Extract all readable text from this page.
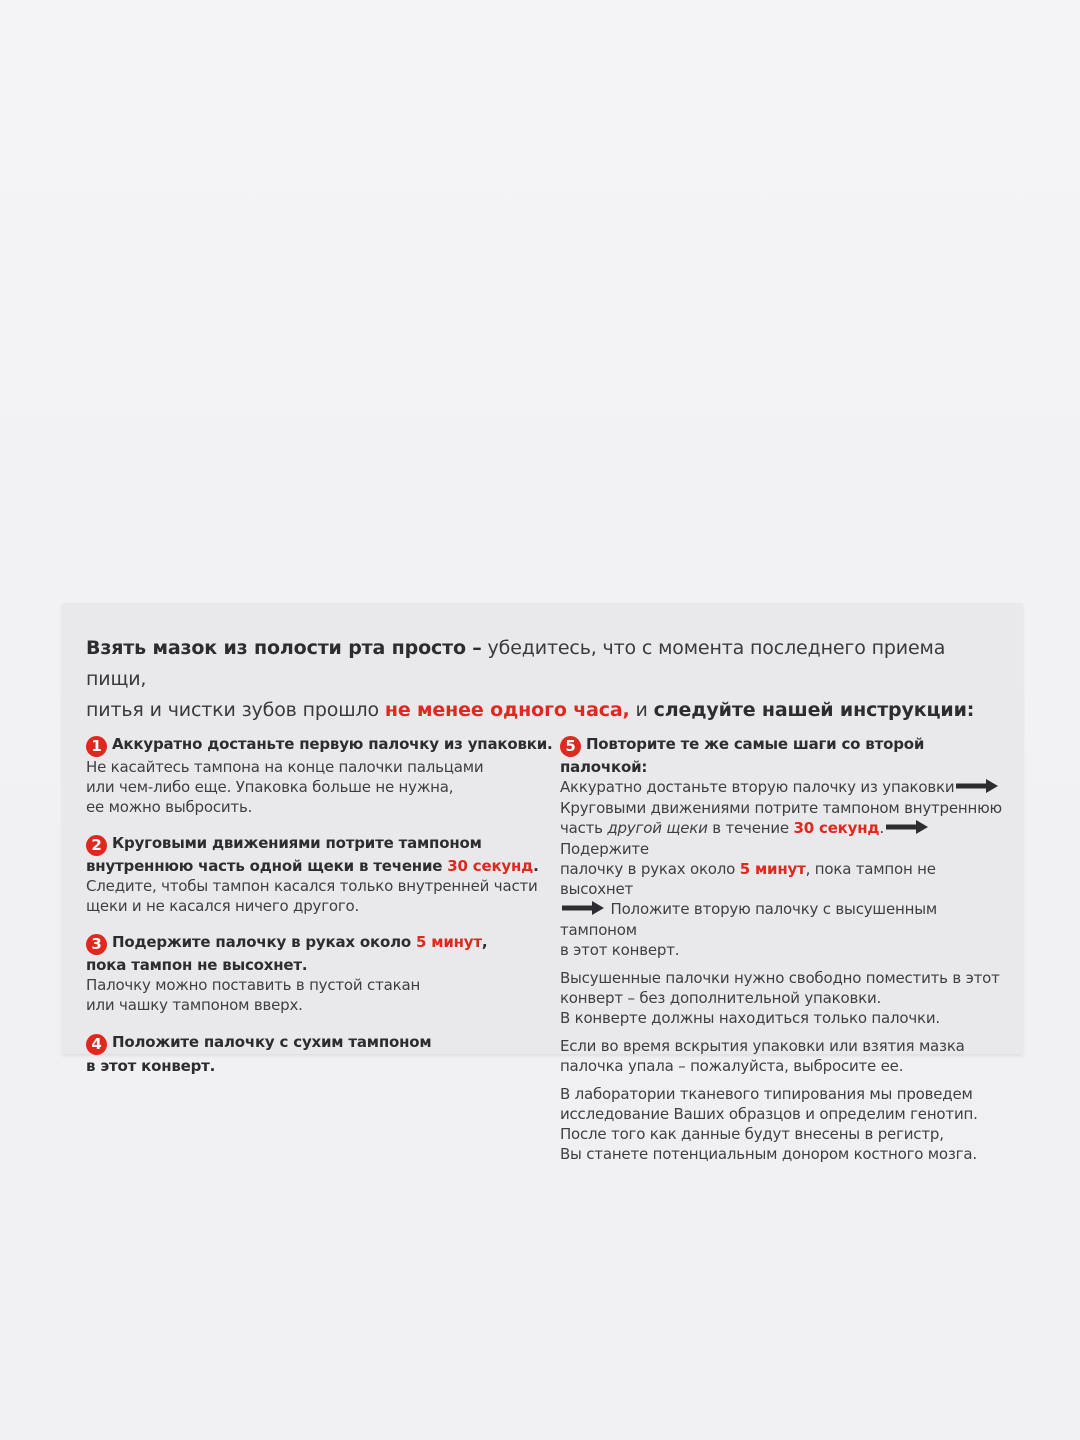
Взять мазок из полости рта просто – убедитесь, что с момента последнего приема пищи,
питья и чистки зубов прошло не менее одного часа, и следуйте нашей инструкции:
1 Аккуратно достаньте первую палочку из упаковки.
Не касайтесь тампона на конце палочки пальцами
или чем-либо еще. Упаковка больше не нужна,
ее можно выбросить.
2 Круговыми движениями потрите тампоном
внутреннюю часть одной щеки в течение 30 секунд.
Следите, чтобы тампон касался только внутренней части
щеки и не касался ничего другого.
3 Подержите палочку в руках около 5 минут,
пока тампон не высохнет.
Палочку можно поставить в пустой стакан
или чашку тампоном вверх.
4 Положите палочку с сухим тампоном
в этот конверт.
5 Повторите те же самые шаги со второй палочкой:
Аккуратно достаньте вторую палочку из упаковки
Круговыми движениями потрите тампоном внутреннюю
часть другой щеки в течение 30 секунд. Подержите
палочку в руках около 5 минут, пока тампон не высохнет
Положите вторую палочку с высушенным тампоном
в этот конверт.
Высушенные палочки нужно свободно поместить в этот
конверт – без дополнительной упаковки.
В конверте должны находиться только палочки.
Если во время вскрытия упаковки или взятия мазка
палочка упала – пожалуйста, выбросите ее.
В лаборатории тканевого типирования мы проведем
исследование Ваших образцов и определим генотип.
После того как данные будут внесены в регистр,
Вы станете потенциальным донором костного мозга.
